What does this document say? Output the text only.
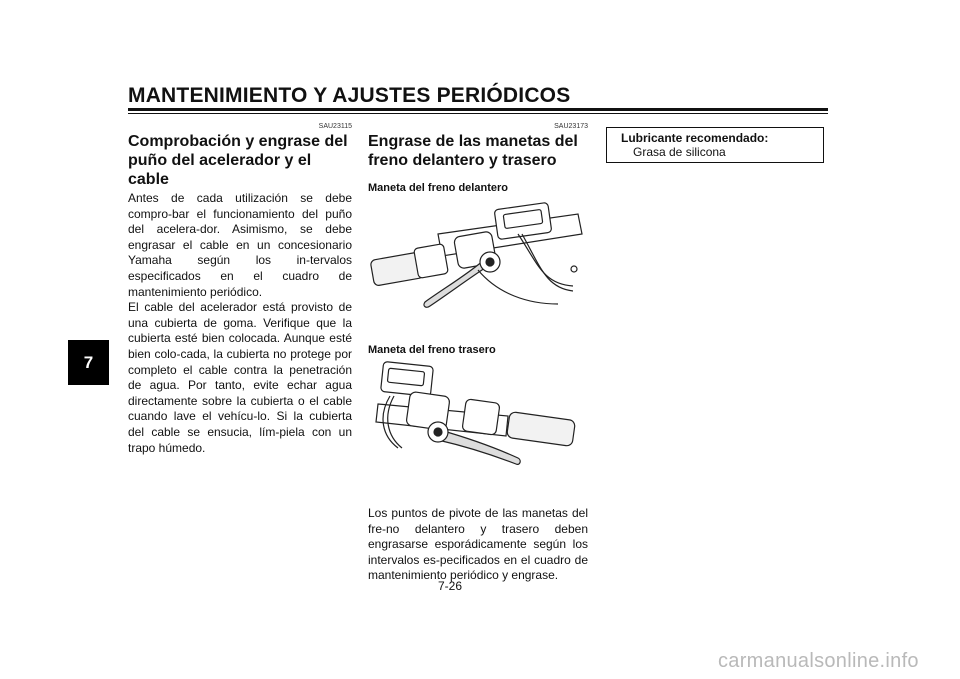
MANTENIMIENTO Y AJUSTES PERIÓDICOS
7

SAU23115

Comprobación y engrase del puño del acelerador y el cable

Antes de cada utilización se debe compro-bar el funcionamiento del puño del acelera-dor. Asimismo, se debe engrasar el cable en un concesionario Yamaha según los in-tervalos especificados en el cuadro de mantenimiento periódico.

El cable del acelerador está provisto de una cubierta de goma. Verifique que la cubierta esté bien colocada. Aunque esté bien colo-cada, la cubierta no protege por completo el cable contra la penetración de agua. Por tanto, evite echar agua directamente sobre la cubierta o el cable cuando lave el vehícu-lo. Si la cubierta del cable se ensucia, lím-piela con un trapo húmedo.

SAU23173

Engrase de las manetas del freno delantero y trasero

Maneta del freno delantero

Maneta del freno trasero

Los puntos de pivote de las manetas del fre-no delantero y trasero deben engrasarse esporádicamente según los intervalos es-pecificados en el cuadro de mantenimiento periódico y engrase.

Lubricante recomendado:

Grasa de silicona

7-26
carmanualsonline.info
